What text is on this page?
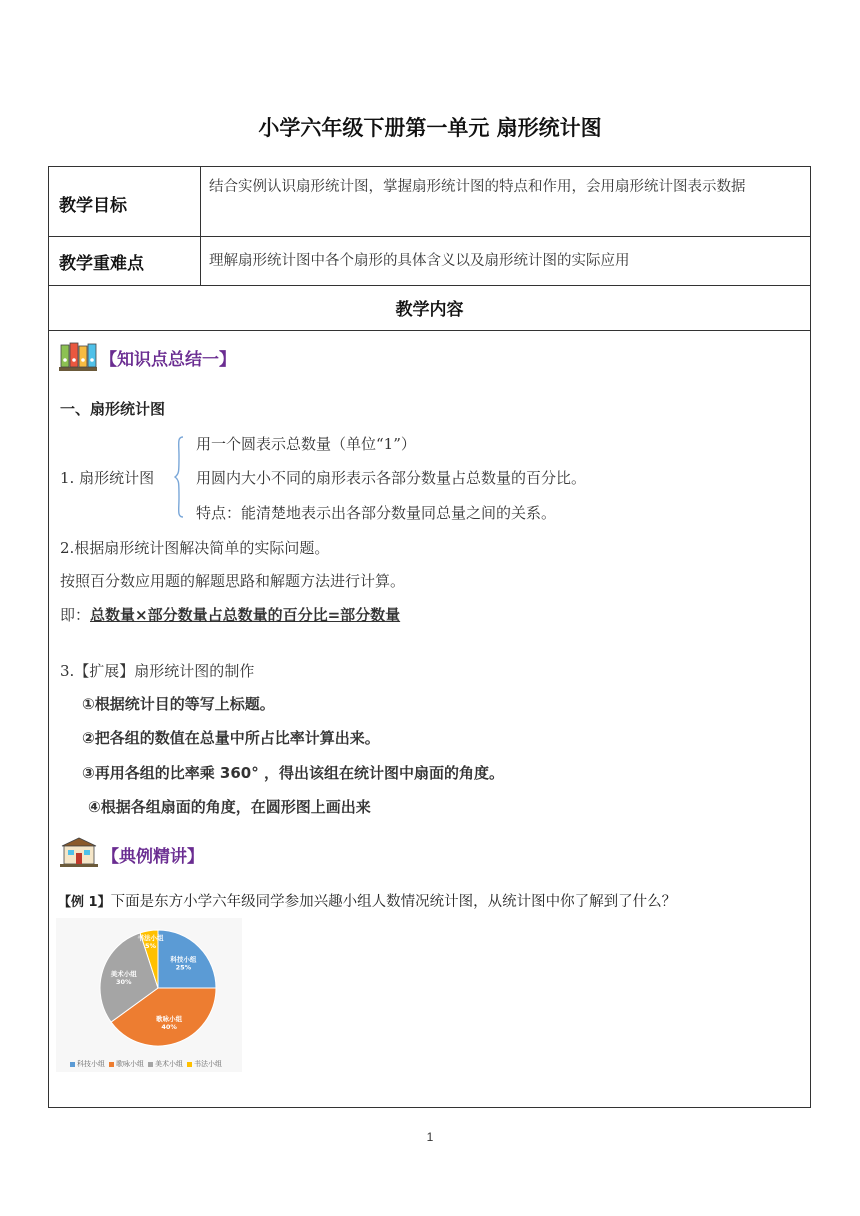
小学六年级下册第一单元 扇形统计图
教学目标
结合实例认识扇形统计图，掌握扇形统计图的特点和作用，会用扇形统计图表示数据
教学重难点	理解扇形统计图中各个扇形的具体含义以及扇形统计图的实际应用
教学内容
【知识点总结一】
一、扇形统计图
1. 扇形统计图
用一个圆表示总数量（单位“1”）
用圆内大小不同的扇形表示各部分数量占总数量的百分比。
特点：能清楚地表示出各部分数量同总量之间的关系。
2.根据扇形统计图解决简单的实际问题。
按照百分数应用题的解题思路和解题方法进行计算。
即：总数量×部分数量占总数量的百分比=部分数量
3.【扩展】扇形统计图的制作
①根据统计目的等写上标题。
②把各组的数值在总量中所占比率计算出来。
③再用各组的比率乘 360° ，得出该组在统计图中扇面的角度。
④根据各组扇面的角度，在圆形图上画出来
【典例精讲】
【例 1】下面是东方小学六年级同学参加兴趣小组人数情况统计图，从统计图中你了解到了什么？
科技小组
25%
歌咏小组
40%
美术小组
30%
书法小组
5%
科技小组 歌咏小组 美术小组 书法小组
1
